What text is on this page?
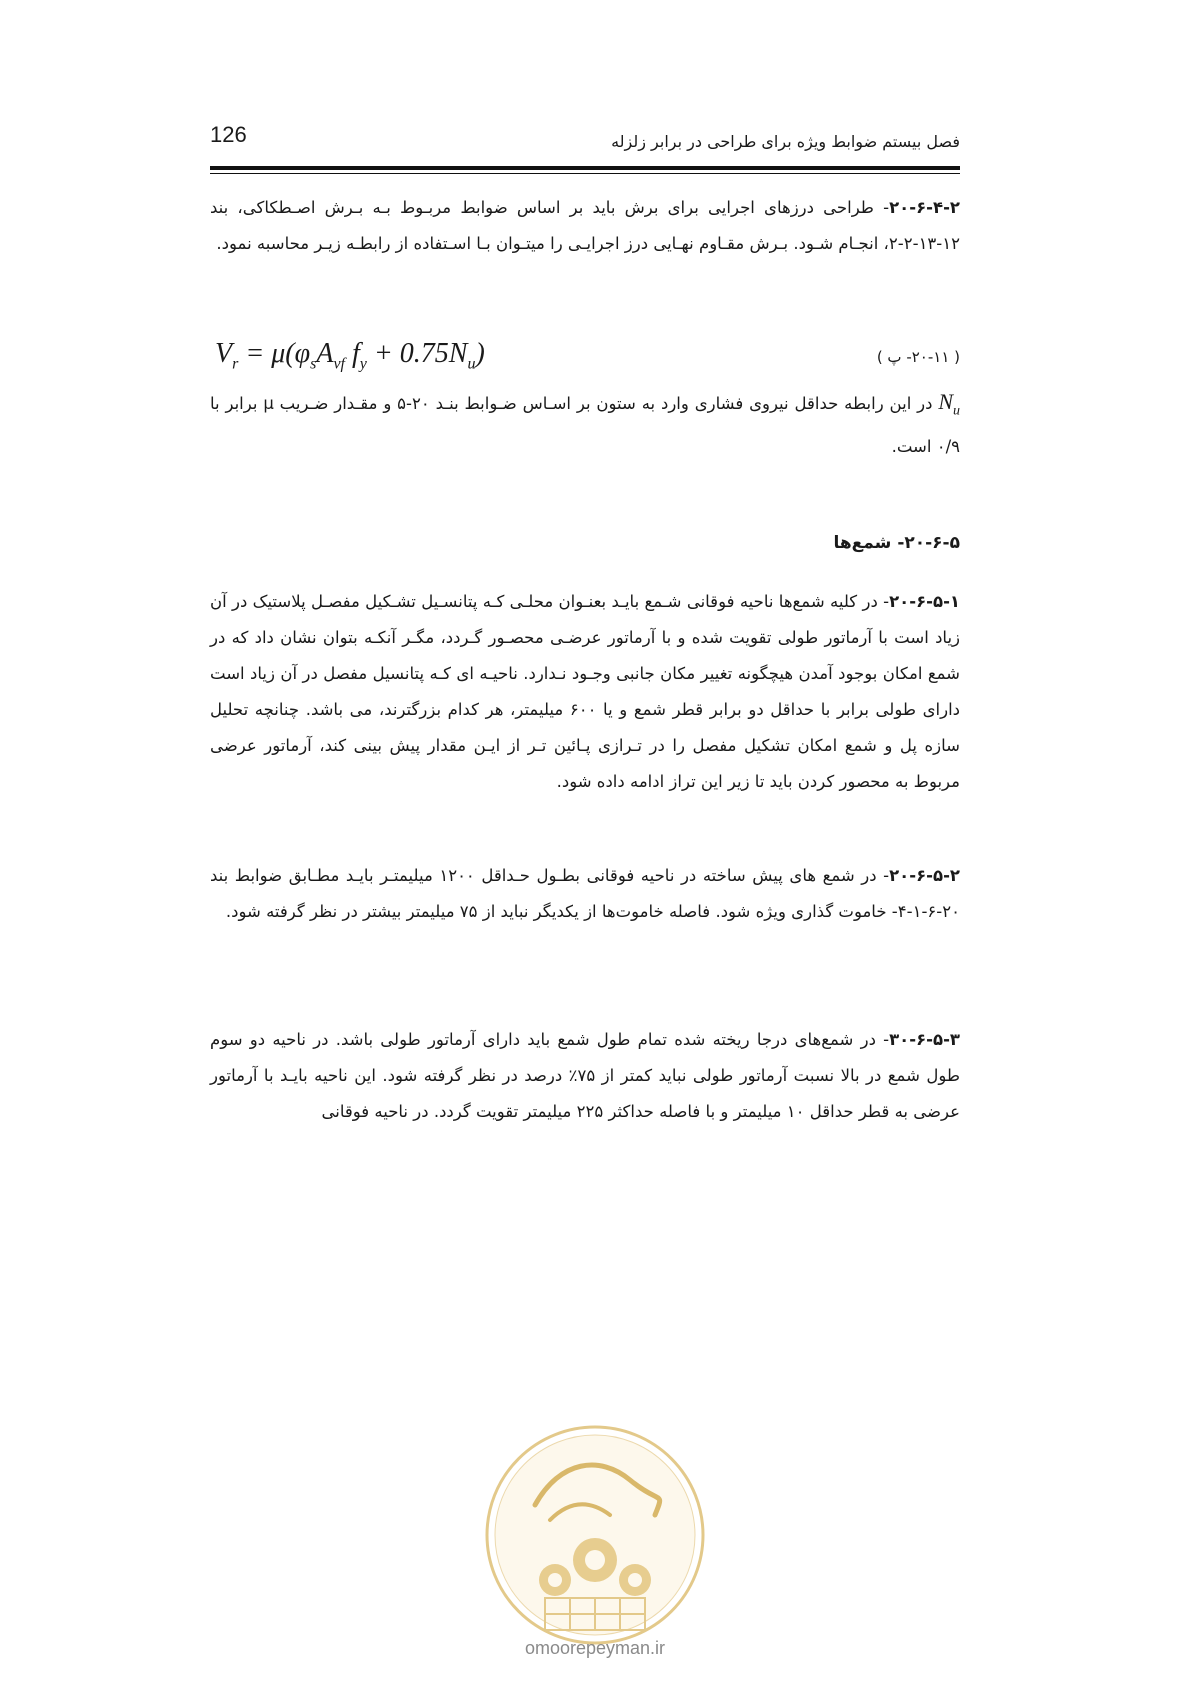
126	فصل بیستم ضوابط ویژه برای طراحی در برابر زلزله

۲۰-۶-۴-۲- طراحی درزهای اجرایی برای برش باید بر اساس ضوابط مربـوط بـه بـرش اصـطکاکی، بند ۱۲-۱۳-۲-۲، انجـام شـود. بـرش مقـاوم نهـایی درز اجرایـی را میتـوان بـا اسـتفاده از رابطـه زیـر محاسبه نمود.

$V_r = \mu(\varphi_sA_{vf}$ $f_y + 0.75N_u$)	( ۲۰-۱۱- پ )

$N_u$ در این رابطه حداقل نیروی فشاری وارد به ستون بر اسـاس ضـوابط بنـد ۲۰-۵ و مقـدار ضـریب μ برابر با ۰/۹ است.

۲۰-۶-۵- شمع‌ها

۲۰-۶-۵-۱- در کلیه شمع‌ها ناحیه فوقانی شـمع بایـد بعنـوان محلـی کـه پتانسـیل تشـکیل مفصـل پلاستیک در آن زیاد است با آرماتور طولی تقویت شده و با آرماتور عرضـی محصـور گـردد، مگـر آنکـه بتوان نشان داد که در شمع امکان بوجود آمدن هیچگونه تغییر مکان جانبی وجـود نـدارد. ناحیـه ای کـه پتانسیل مفصل در آن زیاد است دارای طولی برابر با حداقل دو برابر قطر شمع و یا ۶۰۰ میلیمتر، هر کدام بزرگترند، می باشد. چنانچه تحلیل سازه پل و شمع امکان تشکیل مفصل را در تـرازی پـائین تـر از ایـن مقدار پیش بینی کند، آرماتور عرضی مربوط به محصور کردن باید تا زیر این تراز ادامه داده شود.

۲۰-۶-۵-۲- در شمع های پیش ساخته در ناحیه فوقانی بطـول حـداقل ۱۲۰۰ میلیمتـر بایـد مطـابق ضوابط بند ۲۰-۶-۱-۴- خاموت گذاری ویژه شود. فاصله خاموت‌ها از یکدیگر نباید از ۷۵ میلیمتر بیشتر در نظر گرفته شود.

۳۰-۶-۵-۳- در شمع‌های درجا ریخته شده تمام طول شمع باید دارای آرماتور طولی باشد. در ناحیه دو سوم طول شمع در بالا نسبت آرماتور طولی نباید کمتر از ۷۵٪ درصد در نظر گرفته شود. این ناحیه بایـد با آرماتور عرضی به قطر حداقل ۱۰ میلیمتر و با فاصله حداکثر ۲۲۵ میلیمتر تقویت گردد. در ناحیه فوقانی

omoorepeyman.ir
